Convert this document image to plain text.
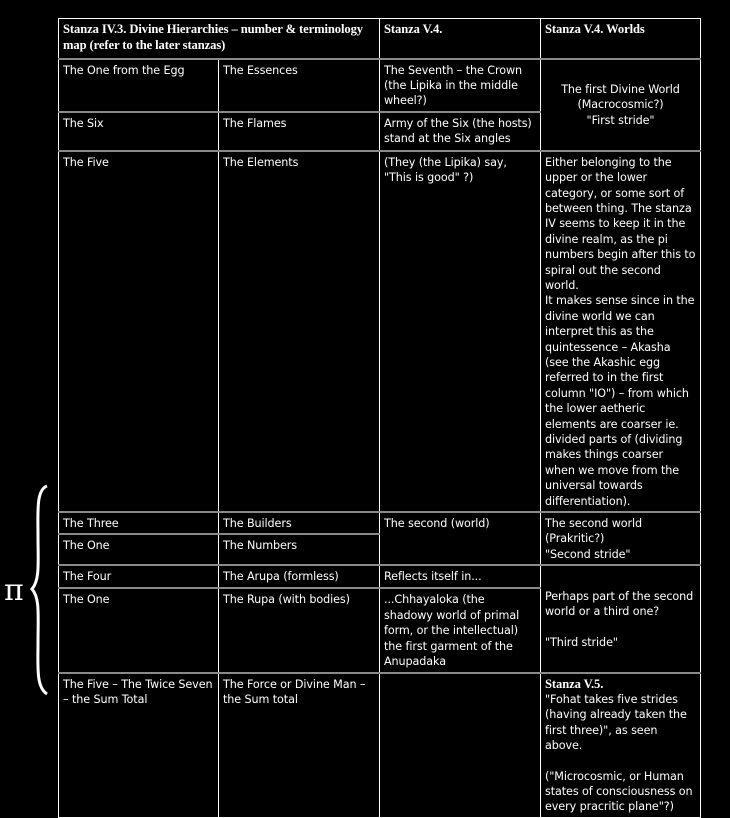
π
Stanza IV.3. Divine Hierarchies – number & terminology map (refer to the later stanzas)		Stanza V.4.	Stanza V.4. Worlds
The One from the Egg	The Essences	The Seventh – the Crown (the Lipika in the middle wheel?)	The first Divine World
(Macrocosmic?)
"First stride"

The Six	The Flames	Army of the Six (the hosts) stand at the Six angles	
The Five	The Elements	(They (the Lipika) say, "This is good" ?)	Either belonging to the upper or the lower category, or some sort of between thing. The stanza IV seems to keep it in the divine realm, as the pi numbers begin after this to spiral out the second world.
It makes sense since in the divine world we can interpret this as the quintessence – Akasha (see the Akashic egg referred to in the first column "IO") – from which the lower aetheric elements are coarser ie. divided parts of (dividing makes things coarser when we move from the universal towards differentiation).

The Three	The Builders	The second (world)	The second world
(Prakritic?)
"Second stride"

The One	The Numbers		
The Four	The Arupa (formless)	Reflects itself in...	Perhaps part of the second world or a third one?
"Third stride"

The One	The Rupa (with bodies)	...Chhayaloka (the shadowy world of primal form, or the intellectual) the first garment of the Anupadaka	
The Five – The Twice Seven – the Sum Total	The Force or Divine Man – the Sum total		Stanza V.5.
"Fohat takes five strides (having already taken the first three)", as seen above.
("Microcosmic, or Human states of consciousness on every pracritic plane"?)
